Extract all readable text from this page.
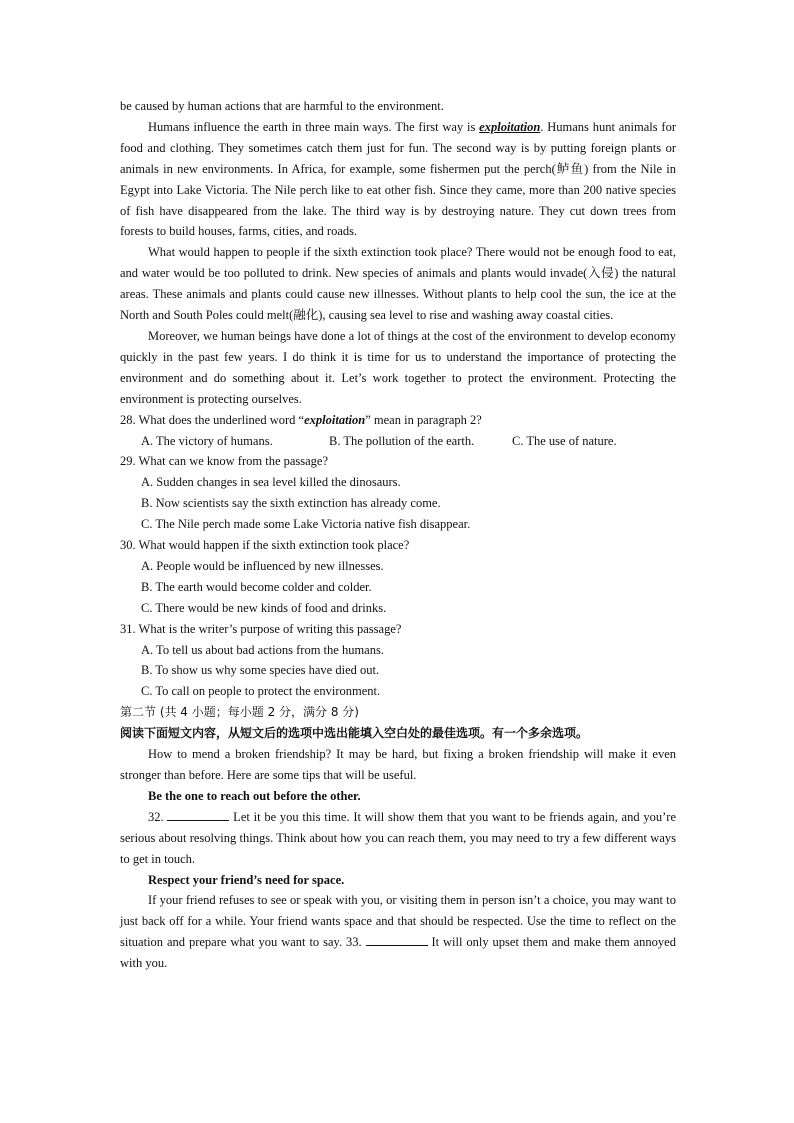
be caused by human actions that are harmful to the environment.

Humans influence the earth in three main ways. The first way is exploitation. Humans hunt animals for food and clothing. They sometimes catch them just for fun. The second way is by putting foreign plants or animals in new environments. In Africa, for example, some fishermen put the perch(鲈鱼) from the Nile in Egypt into Lake Victoria. The Nile perch like to eat other fish. Since they came, more than 200 native species of fish have disappeared from the lake. The third way is by destroying nature. They cut down trees from forests to build houses, farms, cities, and roads.

What would happen to people if the sixth extinction took place? There would not be enough food to eat, and water would be too polluted to drink. New species of animals and plants would invade(入侵) the natural areas. These animals and plants could cause new illnesses. Without plants to help cool the sun, the ice at the North and South Poles could melt(融化), causing sea level to rise and washing away coastal cities.

Moreover, we human beings have done a lot of things at the cost of the environment to develop economy quickly in the past few years. I do think it is time for us to understand the importance of protecting the environment and do something about it. Let’s work together to protect the environment. Protecting the environment is protecting ourselves.

28. What does the underlined word “exploitation” mean in paragraph 2?

A. The victory of humans.	B. The pollution of the earth.	C. The use of nature.

29. What can we know from the passage?

A. Sudden changes in sea level killed the dinosaurs.

B. Now scientists say the sixth extinction has already come.

C. The Nile perch made some Lake Victoria native fish disappear.

30. What would happen if the sixth extinction took place?

A. People would be influenced by new illnesses.

B. The earth would become colder and colder.

C. There would be new kinds of food and drinks.

31. What is the writer’s purpose of writing this passage?

A. To tell us about bad actions from the humans.

B. To show us why some species have died out.

C. To call on people to protect the environment.

第二节 (共 4 小题；每小题 2 分，满分 8 分)

阅读下面短文内容，从短文后的选项中选出能填入空白处的最佳选项。有一个多余选项。

How to mend a broken friendship? It may be hard, but fixing a broken friendship will make it even stronger than before. Here are some tips that will be useful.

Be the one to reach out before the other.

32.	Let it be you this time. It will show them that you want to be friends again, and you’re serious about resolving things. Think about how you can reach them, you may need to try a few different ways to get in touch.

Respect your friend’s need for space.

If your friend refuses to see or speak with you, or visiting them in person isn’t a choice, you may want to just back off for a while. Your friend wants space and that should be respected. Use the time to reflect on the situation and prepare what you want to say. 33.	It will only upset them and make them annoyed with you.
